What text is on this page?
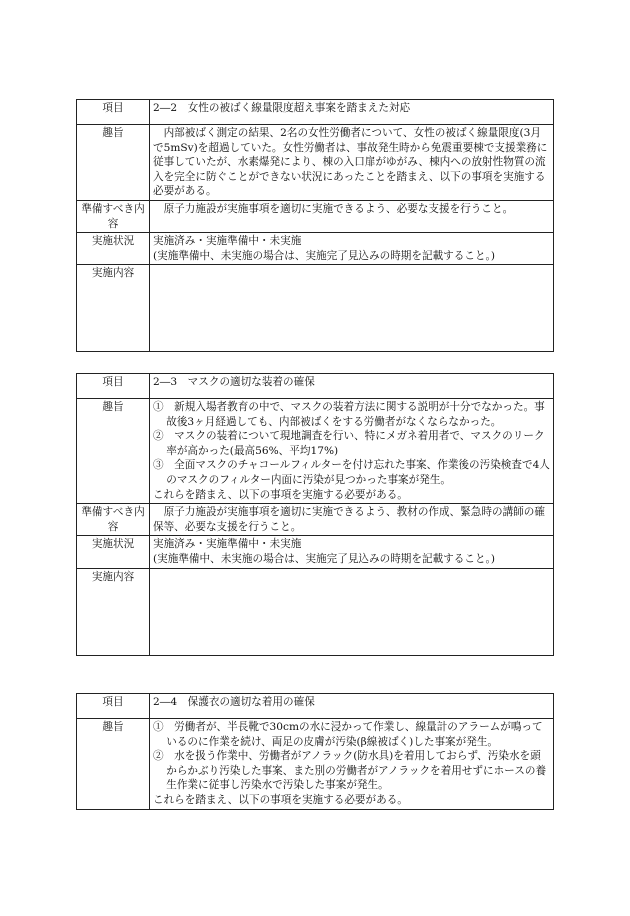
項目	2―2　女性の被ばく線量限度超え事案を踏まえた対応
趣旨	内部被ばく測定の結果、2名の女性労働者について、女性の被ばく線量限度(3月で5mSv)を超過していた。女性労働者は、事故発生時から免震重要棟で支援業務に従事していたが、水素爆発により、棟の入口扉がゆがみ、棟内への放射性物質の流入を完全に防ぐことができない状況にあったことを踏まえ、以下の事項を実施する必要がある。

準備すべき内容	原子力施設が実施事項を適切に実施できるよう、必要な支援を行うこと。

実施状況	実施済み・実施準備中・未実施
(実施準備中、未実施の場合は、実施完了見込みの時期を記載すること。)

実施内容	
項目	2―3　マスクの適切な装着の確保
趣旨	①　新規入場者教育の中で、マスクの装着方法に関する説明が十分でなかった。事故後3ヶ月経過しても、内部被ばくをする労働者がなくならなかった。
②　マスクの装着について現地調査を行い、特にメガネ着用者で、マスクのリーク率が高かった(最高56%、平均17%)
③　全面マスクのチャコールフィルターを付け忘れた事案、作業後の汚染検査で4人のマスクのフィルター内面に汚染が見つかった事案が発生。
これらを踏まえ、以下の事項を実施する必要がある。

準備すべき内容	原子力施設が実施事項を適切に実施できるよう、教材の作成、緊急時の講師の確保等、必要な支援を行うこと。

実施状況	実施済み・実施準備中・未実施
(実施準備中、未実施の場合は、実施完了見込みの時期を記載すること。)

実施内容	
項目	2―4　保護衣の適切な着用の確保
趣旨	①　労働者が、半長靴で30cmの水に浸かって作業し、線量計のアラームが鳴っているのに作業を続け、両足の皮膚が汚染(β線被ばく)した事案が発生。
②　水を扱う作業中、労働者がアノラック(防水具)を着用しておらず、汚染水を頭からかぶり汚染した事案、また別の労働者がアノラックを着用せずにホースの養生作業に従事し汚染水で汚染した事案が発生。
これらを踏まえ、以下の事項を実施する必要がある。
